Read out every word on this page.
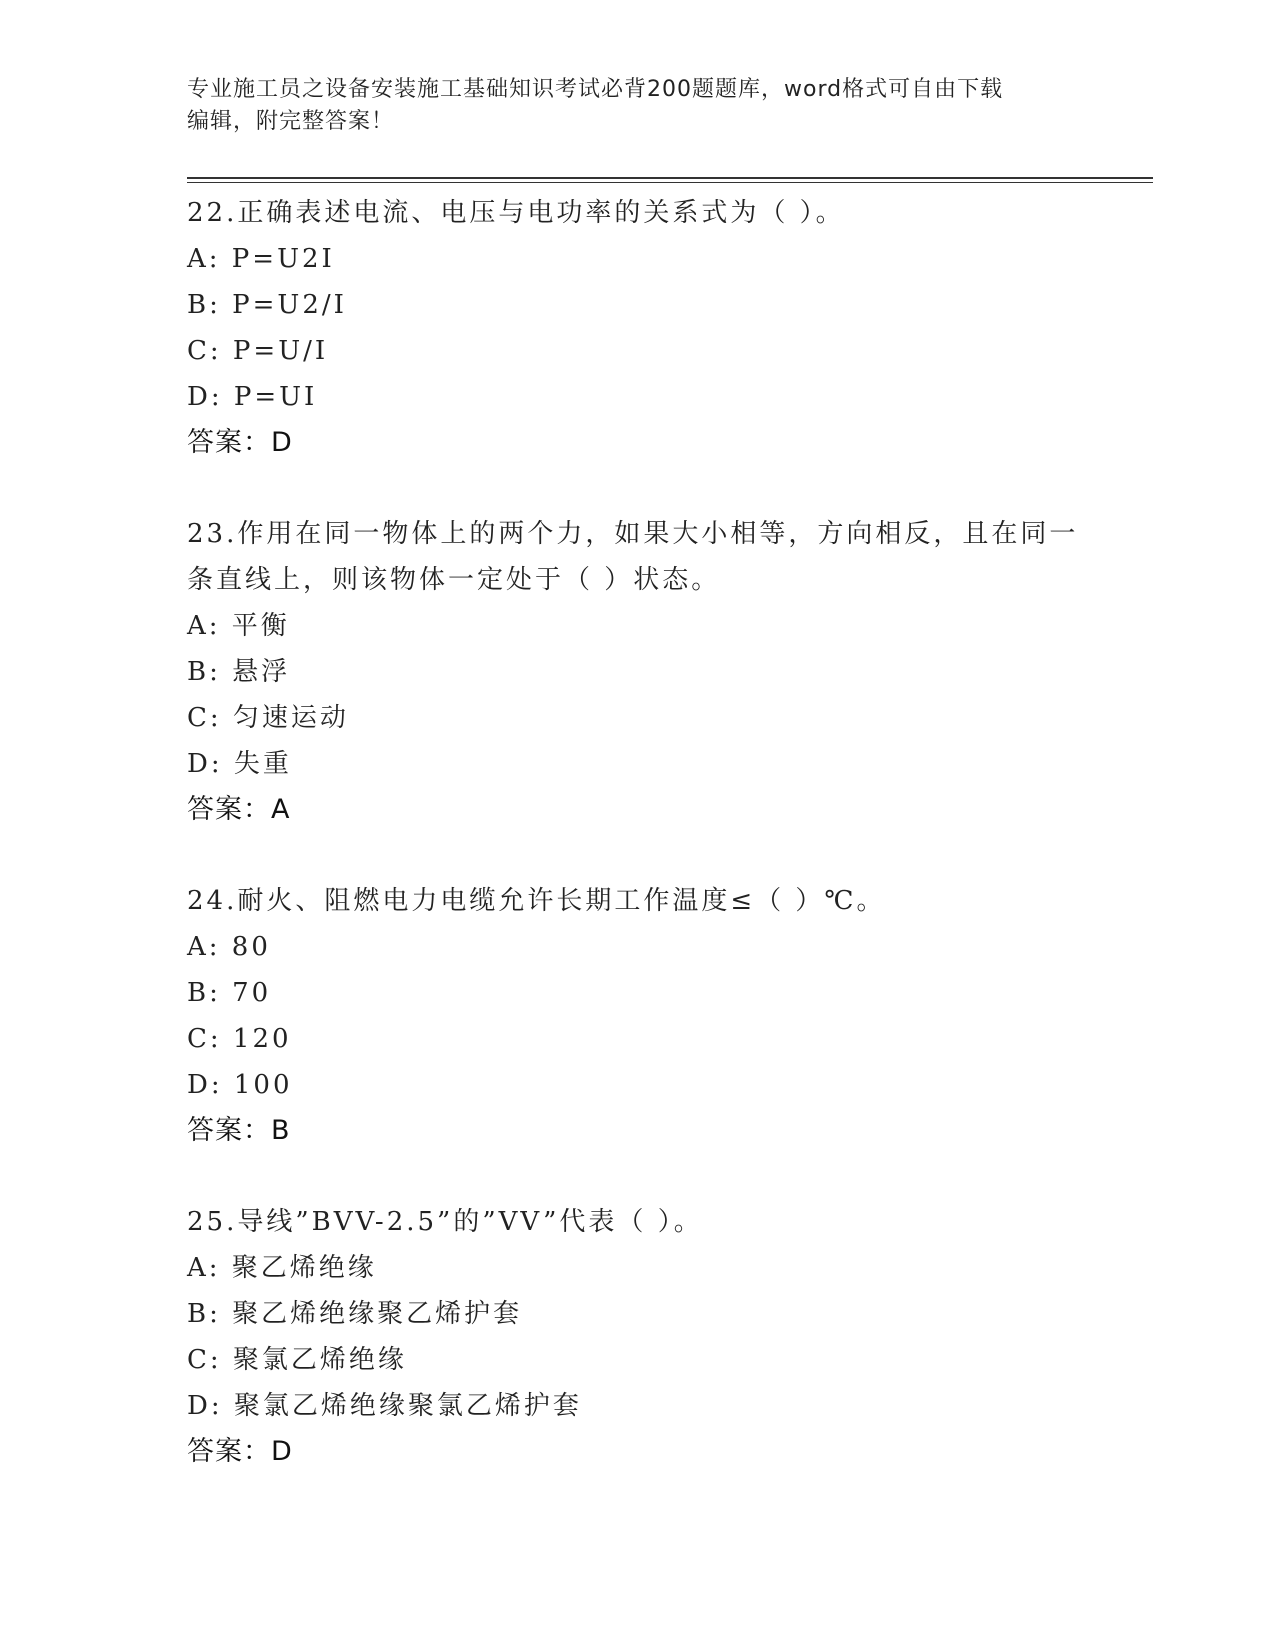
专业施工员之设备安装施工基础知识考试必背200题题库，word格式可自由下载
编辑，附完整答案！

22.正确表述电流、电压与电功率的关系式为（ ）。

A: P=U2I

B: P=U2/I

C: P=U/I

D: P=UI

答案：D

23.作用在同一物体上的两个力，如果大小相等，方向相反，且在同一

条直线上，则该物体一定处于（ ）状态。

A: 平衡

B: 悬浮

C: 匀速运动

D: 失重

答案：A

24.耐火、阻燃电力电缆允许长期工作温度≤（ ）℃。

A: 80

B: 70

C: 120

D: 100

答案：B

25.导线”BVV-2.5”的”VV”代表（ ）。

A: 聚乙烯绝缘

B: 聚乙烯绝缘聚乙烯护套

C: 聚氯乙烯绝缘

D: 聚氯乙烯绝缘聚氯乙烯护套

答案：D
